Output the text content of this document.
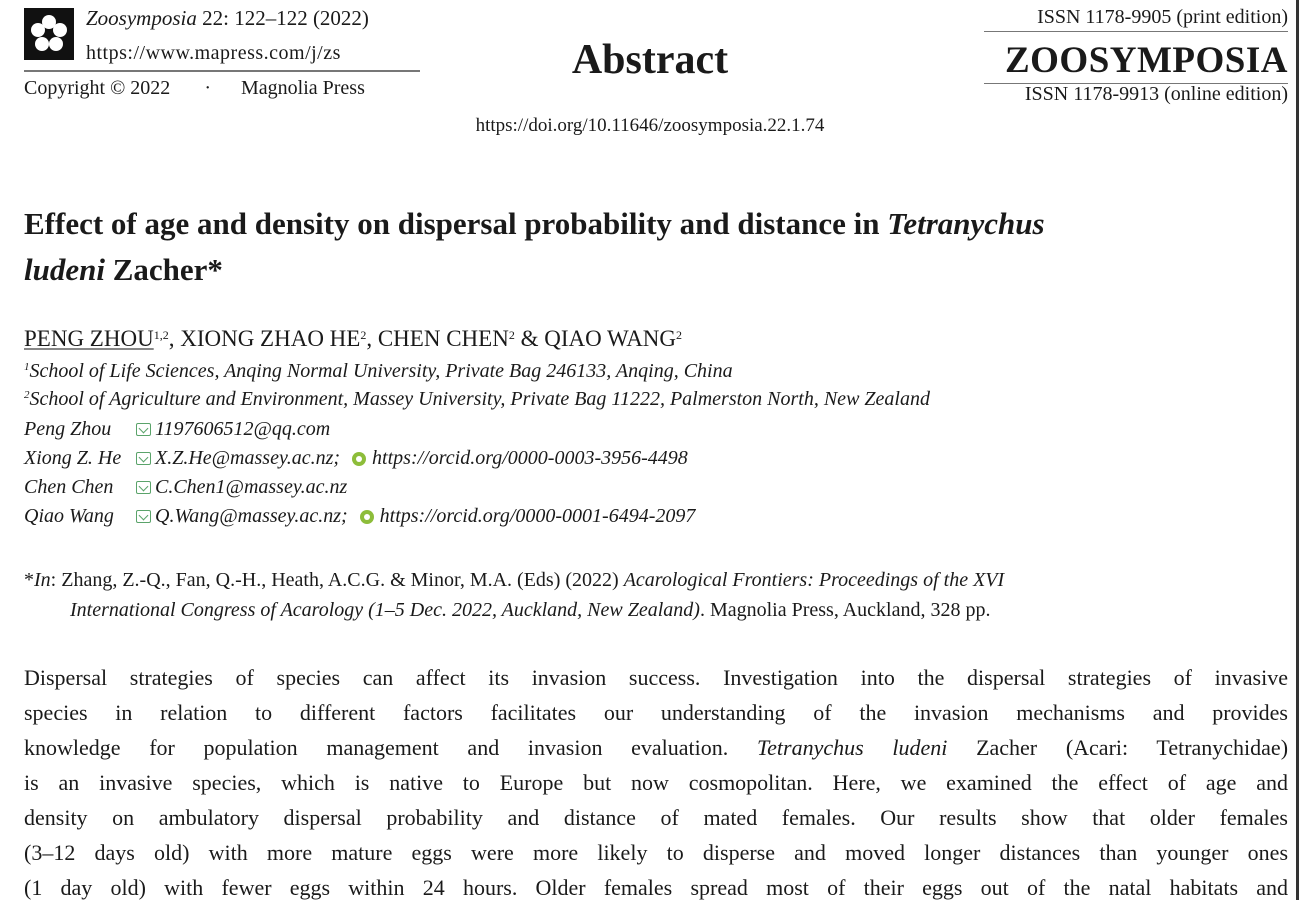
Zoosymposia 22: 122–122 (2022)
https://www.mapress.com/j/zs
Copyright © 2022 · Magnolia Press
Abstract
ISSN 1178-9905 (print edition)
ZOOSYMPOSIA
ISSN 1178-9913 (online edition)
https://doi.org/10.11646/zoosymposia.22.1.74
Effect of age and density on dispersal probability and distance in Tetranychus
ludeni Zacher*
PENG ZHOU$^{1,2}$, XIONG ZHAO $HE^2$, CHEN CHEN$^2$ & QIAO WANG$^2$
$^1$School of Life Sciences, Anqing Normal University, Private Bag 246133, Anqing, China
$^2$School of Agriculture and Environment, Massey University, Private Bag 11222, Palmerston North, New Zealand
Peng Zhou	1197606512@qq.com
Xiong Z. He	X.Z.He@massey.ac.nz; https://orcid.org/0000-0003-3956-4498
Chen Chen	C.Chen1@massey.ac.nz
Qiao Wang	Q.Wang@massey.ac.nz; https://orcid.org/0000-0001-6494-2097
*In: Zhang, Z.-Q., Fan, Q.-H., Heath, A.C.G. & Minor, M.A. (Eds) (2022) Acarological Frontiers: Proceedings of the XVI
International Congress of Acarology (1–5 Dec. 2022, Auckland, New Zealand). Magnolia Press, Auckland, 328 pp.
Dispersal strategies of species can affect its invasion success. Investigation into the dispersal strategies of invasive
species in relation to different factors facilitates our understanding of the invasion mechanisms and provides
knowledge for population management and invasion evaluation. Tetranychus ludeni Zacher (Acari: Tetranychidae)
is an invasive species, which is native to Europe but now cosmopolitan. Here, we examined the effect of age and
density on ambulatory dispersal probability and distance of mated females. Our results show that older females
(3–12 days old) with more mature eggs were more likely to disperse and moved longer distances than younger ones
(1 day old) with fewer eggs within 24 hours. Older females spread most of their eggs out of the natal habitats and
